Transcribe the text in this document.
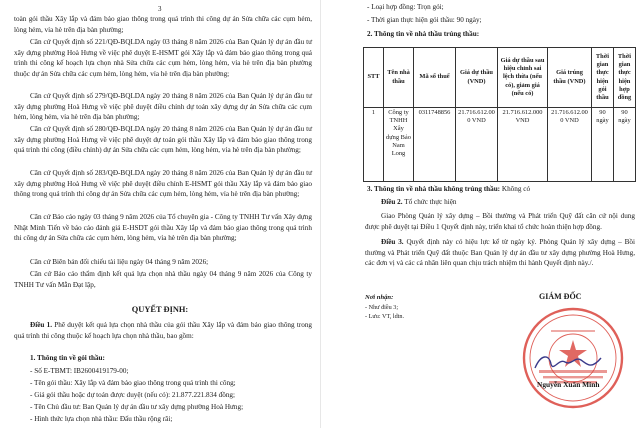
3

toàn gói thầu Xây lắp và đảm bảo giao thông trong quá trình thi công dự án Sửa chữa các cụm hẻm, lòng hẻm, vỉa hè trên địa bàn phường;

Căn cứ Quyết định số 221/QĐ-BQLDA ngày 03 tháng 8 năm 2026 của Ban Quản lý dự án đầu tư xây dựng phường Hoà Hưng về việc phê duyệt E-HSMT gói Xây lắp và đảm bảo giao thông trong quá trình thi công kế hoạch lựa chọn nhà Sửa chữa các cụm hẻm, lòng hẻm, vỉa hè trên địa bàn phường thuộc dự án Sửa chữa các cụm hẻm, lòng hẻm, vỉa hè trên địa bàn phường;

Căn cứ Quyết định số 279/QĐ-BQLDA ngày 20 tháng 8 năm 2026 của Ban Quản lý dự án đầu tư xây dựng phường Hoà Hưng về việc phê duyệt điều chỉnh dự toán xây dựng dự án Sửa chữa các cụm hẻm, lòng hẻm, vỉa hè trên địa bàn phường;

Căn cứ Quyết định số 280/QĐ-BQLDA ngày 20 tháng 8 năm 2026 của Ban Quản lý dự án đầu tư xây dựng phường Hoà Hưng về việc phê duyệt dự toán gói thầu Xây lắp và đảm bảo giao thông trong quá trình thi công (điều chỉnh) dự án Sửa chữa các cụm hẻm, lòng hẻm, vỉa hè trên địa bàn phường;

Căn cứ Quyết định số 283/QĐ-BQLDA ngày 20 tháng 8 năm 2026 của Ban Quản lý dự án đầu tư xây dựng phường Hoà Hưng về việc phê duyệt điều chỉnh E-HSMT gói thầu Xây lắp và đảm bảo giao thông trong quá trình thi công dự án Sửa chữa các cụm hẻm, lòng hẻm, vỉa hè trên địa bàn phường;

Căn cứ Báo cáo ngày 03 tháng 9 năm 2026 của Tổ chuyên gia - Công ty TNHH Tư vấn Xây dựng Nhật Minh Tiến về báo cáo đánh giá E-HSDT gói thầu Xây lắp và đảm bảo giao thông trong quá trình thi công dự án Sửa chữa các cụm hẻm, lòng hẻm, vỉa hè trên địa bàn phường;

Căn cứ Biên bản đối chiếu tài liệu ngày 04 tháng 9 năm 2026;

Căn cứ Báo cáo thẩm định kết quả lựa chọn nhà thầu ngày 04 tháng 9 năm 2026 của Công ty TNHH Tư vấn Mẫn Đạt lập,

QUYẾT ĐỊNH:

Điều 1. Phê duyệt kết quả lựa chọn nhà thầu của gói thầu Xây lắp và đảm bảo giao thông trong quá trình thi công thuộc kế hoạch lựa chọn nhà thầu, bao gồm:

1. Thông tin về gói thầu:

- Số E-TBMT: IB2600419179-00;

- Tên gói thầu: Xây lắp và đảm bảo giao thông trong quá trình thi công;

- Giá gói thầu hoặc dự toán được duyệt (nếu có): 21.877.221.834 đồng;

- Tên Chủ đầu tư: Ban Quản lý dự án đầu tư xây dựng phường Hoà Hưng;

- Hình thức lựa chọn nhà thầu: Đấu thầu rộng rãi;

- Loại hợp đồng: Trọn gói;

- Thời gian thực hiện gói thầu: 90 ngày;

2. Thông tin về nhà thầu trúng thầu:

STT	Tên nhà thầu	Mã số thuế	Giá dự thầu (VND)	Giá dự thầu sau hiệu chỉnh sai lệch thừa (nếu có), giảm giá (nếu có)	Giá trúng thầu (VND)	Thời gian thực hiện gói thầu	Thời gian thực hiện hợp đồng
1	Công ty TNHH Xây dựng Bảo Nam Long	0311748856	21.716.612.000 VND	21.716.612.000 VND	21.716.612.000 VND	90 ngày	90 ngày

3. Thông tin về nhà thầu không trúng thầu: Không có

Điều 2. Tổ chức thực hiện

Giao Phòng Quản lý xây dựng – Bồi thường và Phát triển Quỹ đất căn cứ nội dung được phê duyệt tại Điều 1 Quyết định này, triển khai tổ chức hoàn thiện hợp đồng.

Điều 3. Quyết định này có hiệu lực kể từ ngày ký. Phòng Quản lý xây dựng – Bồi thường và Phát triển Quỹ đất thuộc Ban Quản lý dự án đầu tư xây dựng phường Hoà Hưng, các đơn vị và các cá nhân liên quan chịu trách nhiệm thi hành Quyết định này./.

Nơi nhận:
- Như điều 3;
- Lưu: VT, ldtn.
GIÁM ĐỐC
Nguyễn Xuân Minh
